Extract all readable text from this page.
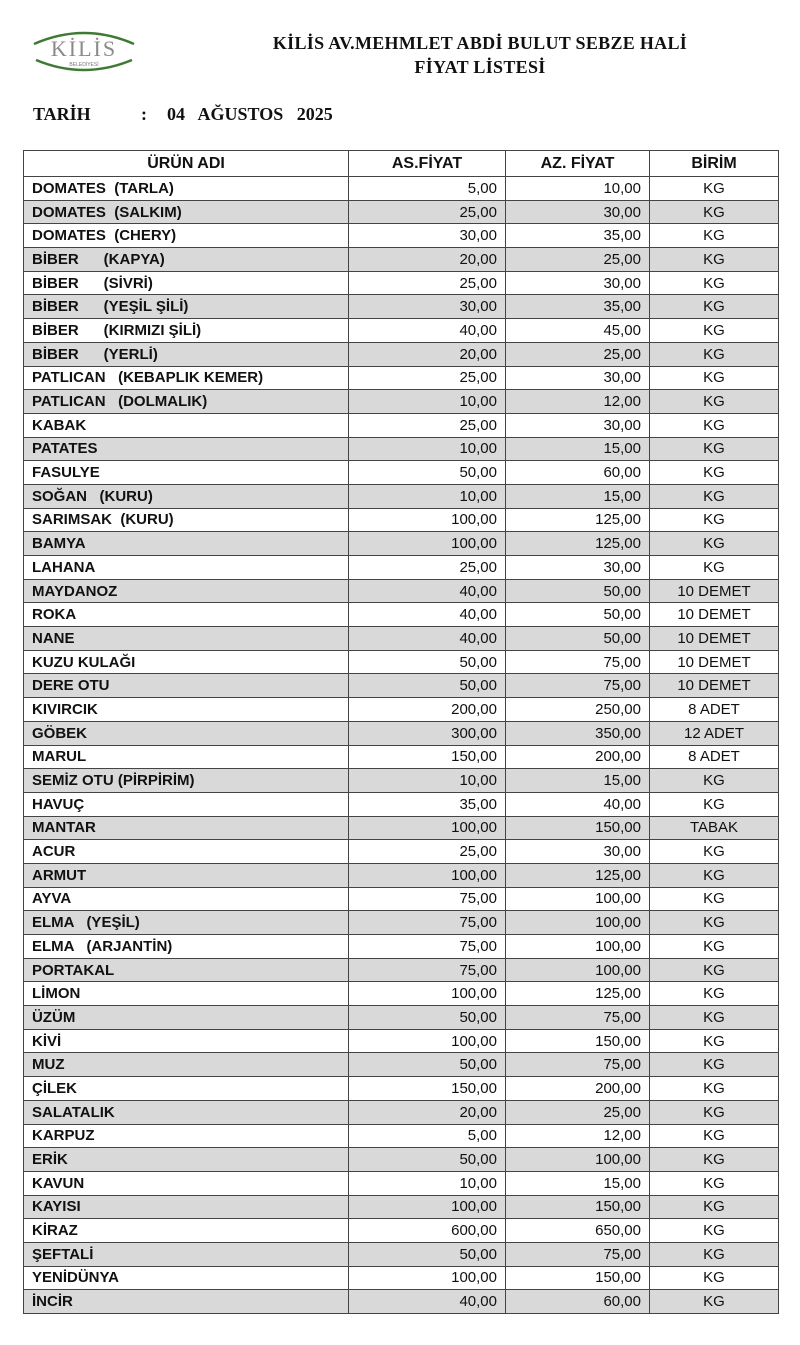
KİLİS
BELEDİYESİ
KİLİS AV.MEHMLET ABDİ BULUT SEBZE HALİ
FİYAT LİSTESİ
TARİH	:	04   AĞUSTOS   2025
ÜRÜN ADI	AS.FİYAT	AZ. FİYAT	BİRİM
DOMATES  (TARLA)	5,00	10,00	KG
DOMATES  (SALKIM)	25,00	30,00	KG
DOMATES  (CHERY)	30,00	35,00	KG
BİBER      (KAPYA)	20,00	25,00	KG
BİBER      (SİVRİ)	25,00	30,00	KG
BİBER      (YEŞİL ŞİLİ)	30,00	35,00	KG
BİBER      (KIRMIZI ŞİLİ)	40,00	45,00	KG
BİBER      (YERLİ)	20,00	25,00	KG
PATLICAN   (KEBAPLIK KEMER)	25,00	30,00	KG
PATLICAN   (DOLMALIK)	10,00	12,00	KG
KABAK	25,00	30,00	KG
PATATES	10,00	15,00	KG
FASULYE	50,00	60,00	KG
SOĞAN   (KURU)	10,00	15,00	KG
SARIMSAK  (KURU)	100,00	125,00	KG
BAMYA	100,00	125,00	KG
LAHANA	25,00	30,00	KG
MAYDANOZ	40,00	50,00	10 DEMET
ROKA	40,00	50,00	10 DEMET
NANE	40,00	50,00	10 DEMET
KUZU KULAĞI	50,00	75,00	10 DEMET
DERE OTU	50,00	75,00	10 DEMET
KIVIRCIK	200,00	250,00	8 ADET
GÖBEK	300,00	350,00	12 ADET
MARUL	150,00	200,00	8 ADET
SEMİZ OTU (PİRPİRİM)	10,00	15,00	KG
HAVUÇ	35,00	40,00	KG
MANTAR	100,00	150,00	TABAK
ACUR	25,00	30,00	KG
ARMUT	100,00	125,00	KG
AYVA	75,00	100,00	KG
ELMA   (YEŞİL)	75,00	100,00	KG
ELMA   (ARJANTİN)	75,00	100,00	KG
PORTAKAL	75,00	100,00	KG
LİMON	100,00	125,00	KG
ÜZÜM	50,00	75,00	KG
KİVİ	100,00	150,00	KG
MUZ	50,00	75,00	KG
ÇİLEK	150,00	200,00	KG
SALATALIK	20,00	25,00	KG
KARPUZ	5,00	12,00	KG
ERİK	50,00	100,00	KG
KAVUN	10,00	15,00	KG
KAYISI	100,00	150,00	KG
KİRAZ	600,00	650,00	KG
ŞEFTALİ	50,00	75,00	KG
YENİDÜNYA	100,00	150,00	KG
İNCİR	40,00	60,00	KG
